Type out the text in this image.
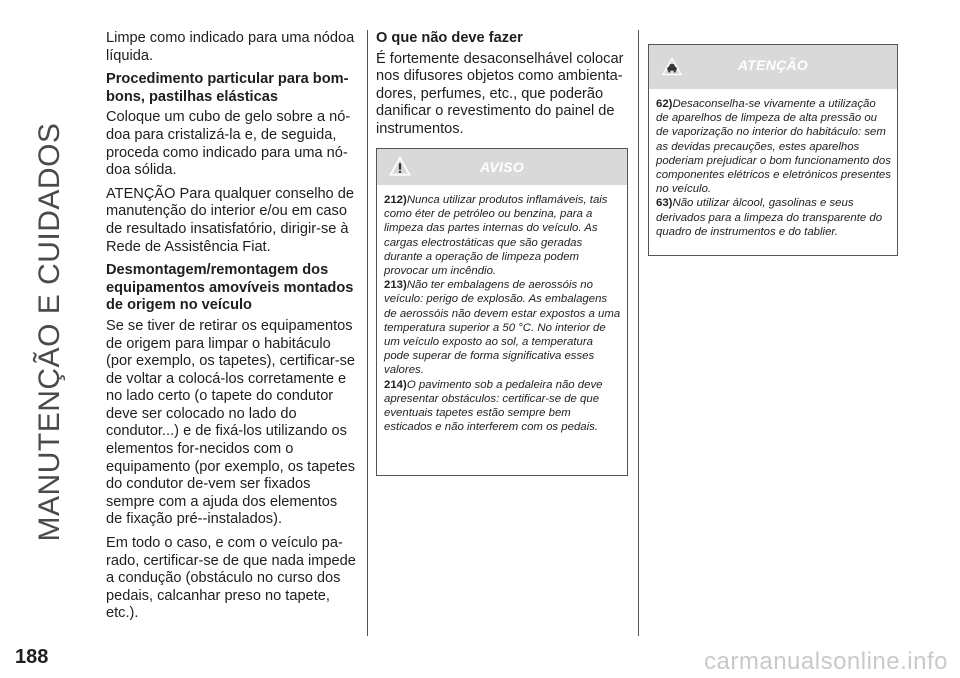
MANUTENÇÃO E CUIDADOS
188

Limpe como indicado para uma nódoa líquida.

Procedimento particular para bom-bons, pastilhas elásticas

Coloque um cubo de gelo sobre a nó-doa para cristalizá-la e, de seguida, proceda como indicado para uma nó-doa sólida.

ATENÇÃO Para qualquer conselho de manutenção do interior e/ou em caso de resultado insatisfatório, dirigir-se à Rede de Assistência Fiat.

Desmontagem/remontagem dos equipamentos amovíveis montados de origem no veículo

Se se tiver de retirar os equipamentos de origem para limpar o habitáculo (por exemplo, os tapetes), certificar-se de voltar a colocá-los corretamente e no lado certo (o tapete do condutor deve ser colocado no lado do condutor...) e de fixá-los utilizando os elementos for-necidos com o equipamento (por exemplo, os tapetes do condutor de-vem ser fixados sempre com a ajuda dos elementos de fixação pré--instalados).

Em todo o caso, e com o veículo pa-rado, certificar-se de que nada impede a condução (obstáculo no curso dos pedais, calcanhar preso no tapete, etc.).

O que não deve fazer

É fortemente desaconselhável colocar nos difusores objetos como ambienta-dores, perfumes, etc., que poderão danificar o revestimento do painel de instrumentos.

AVISO

212)Nunca utilizar produtos inflamáveis, tais como éter de petróleo ou benzina, para a limpeza das partes internas do veículo. As cargas electrostáticas que são geradas durante a operação de limpeza podem provocar um incêndio.

213)Não ter embalagens de aerossóis no veículo: perigo de explosão. As embalagens de aerossóis não devem estar expostos a uma temperatura superior a 50 °C. No interior de um veículo exposto ao sol, a temperatura pode superar de forma significativa esses valores.

214)O pavimento sob a pedaleira não deve apresentar obstáculos: certificar-se de que eventuais tapetes estão sempre bem esticados e não interferem com os pedais.

ATENÇÃO

62)Desaconselha-se vivamente a utilização de aparelhos de limpeza de alta pressão ou de vaporização no interior do habitáculo: sem as devidas precauções, estes aparelhos poderiam prejudicar o bom funcionamento dos componentes elétricos e eletrónicos presentes no veículo.

63)Não utilizar álcool, gasolinas e seus derivados para a limpeza do transparente do quadro de instrumentos e do tablier.

carmanualsonline.info
